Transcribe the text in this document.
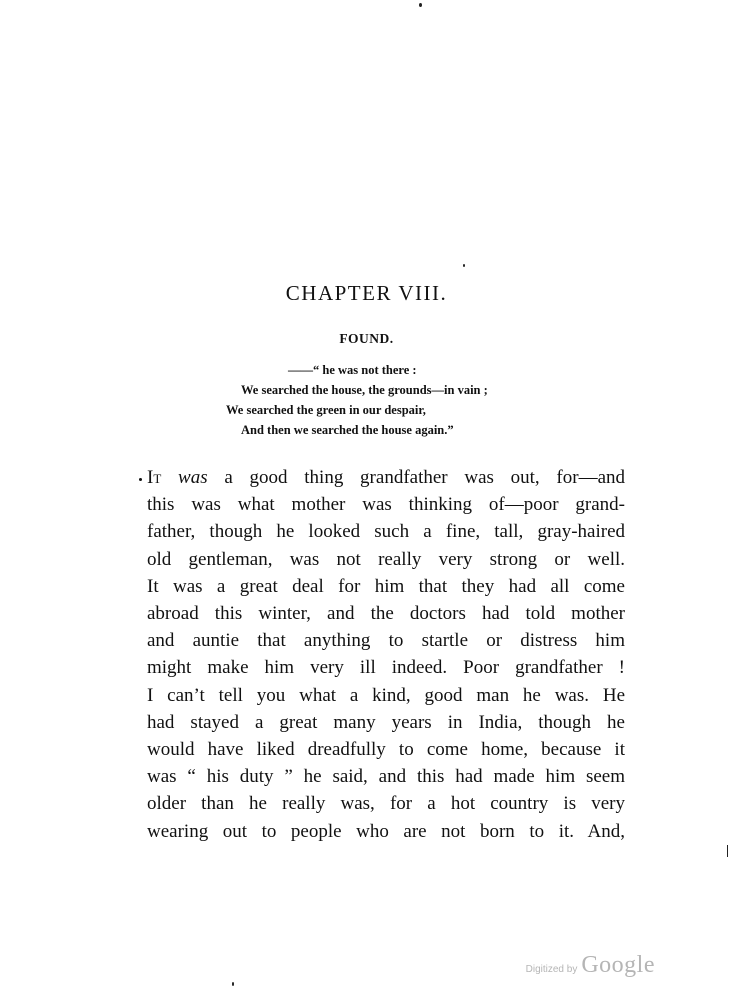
CHAPTER VIII.
FOUND.
——“ he was not there :
We searched the house, the grounds—in vain ;
We searched the green in our despair,
And then we searched the house again.”
It was a good thing grandfather was out, for—and
this was what mother was thinking of—poor grand-
father, though he looked such a fine, tall, gray-haired
old gentleman, was not really very strong or well.
It was a great deal for him that they had all come
abroad this winter, and the doctors had told mother
and auntie that anything to startle or distress him
might make him very ill indeed. Poor grandfather !
I can’t tell you what a kind, good man he was. He
had stayed a great many years in India, though he
would have liked dreadfully to come home, because it
was “ his duty ” he said, and this had made him seem
older than he really was, for a hot country is very
wearing out to people who are not born to it. And,
Digitized by Google
